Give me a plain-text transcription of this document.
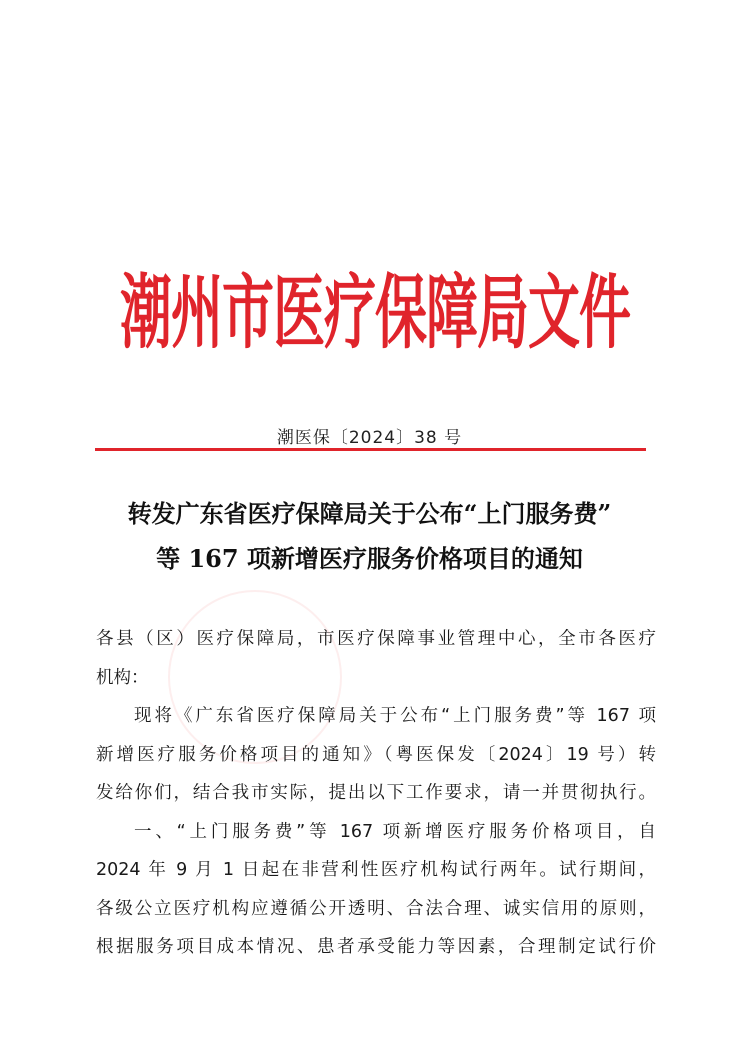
潮州市医疗保障局文件
潮医保〔2024〕38 号
转发广东省医疗保障局关于公布“上门服务费”
等 167 项新增医疗服务价格项目的通知
各县（区）医疗保障局，市医疗保障事业管理中心，全市各医疗
机构：
现将《广东省医疗保障局关于公布“上门服务费”等 167 项
新增医疗服务价格项目的通知》（粤医保发〔2024〕19 号）转
发给你们，结合我市实际，提出以下工作要求，请一并贯彻执行。
一、“上门服务费”等 167 项新增医疗服务价格项目，自
2024 年 9 月 1 日起在非营利性医疗机构试行两年。试行期间，
各级公立医疗机构应遵循公开透明、合法合理、诚实信用的原则，
根据服务项目成本情况、患者承受能力等因素，合理制定试行价
